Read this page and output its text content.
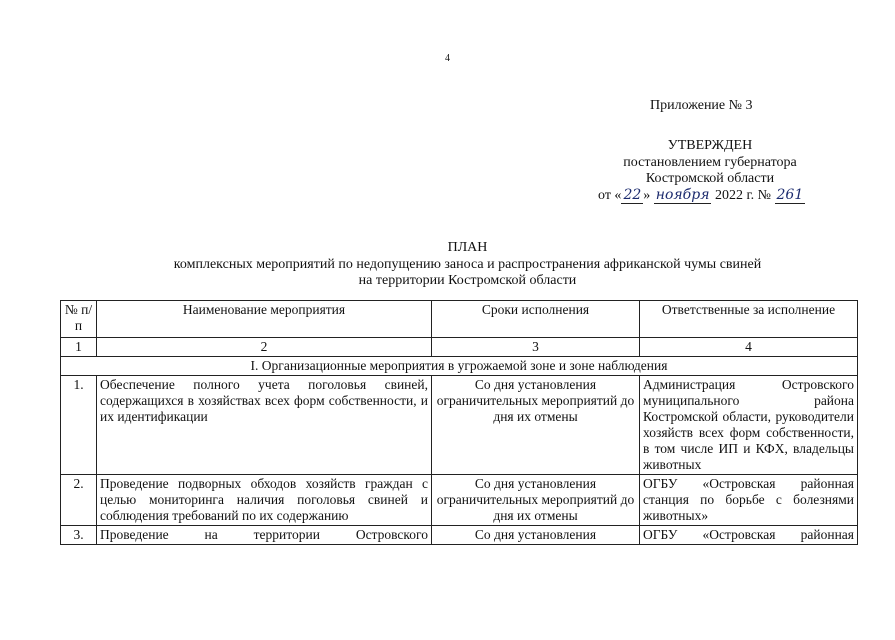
4
Приложение № 3
УТВЕРЖДЕН
постановлением губернатора
Костромской области
от « 22 » ноября 2022 г. № 261
ПЛАН
комплексных мероприятий по недопущению заноса и распространения африканской чумы свиней
на территории Костромской области
№ п/п	Наименование мероприятия	Сроки исполнения	Ответственные за исполнение
1	2	3	4
I. Организационные мероприятия в угрожаемой зоне и зоне наблюдения			
1.	Обеспечение полного учета поголовья свиней, содержащихся в хозяйствах всех форм собственности, и их идентификации	Со дня установления ограничительных мероприятий до дня их отмены	Администрация Островского муниципального района Костромской области, руководители хозяйств всех форм собственности, в том числе ИП и КФХ, владельцы животных
2.	Проведение подворных обходов хозяйств граждан с целью мониторинга наличия поголовья свиней и соблюдения требований по их содержанию	Со дня установления ограничительных мероприятий до дня их отмены	ОГБУ «Островская районная станция по борьбе с болезнями животных»
3.	Проведение на территории Островского	Со дня установления	ОГБУ «Островская районная
